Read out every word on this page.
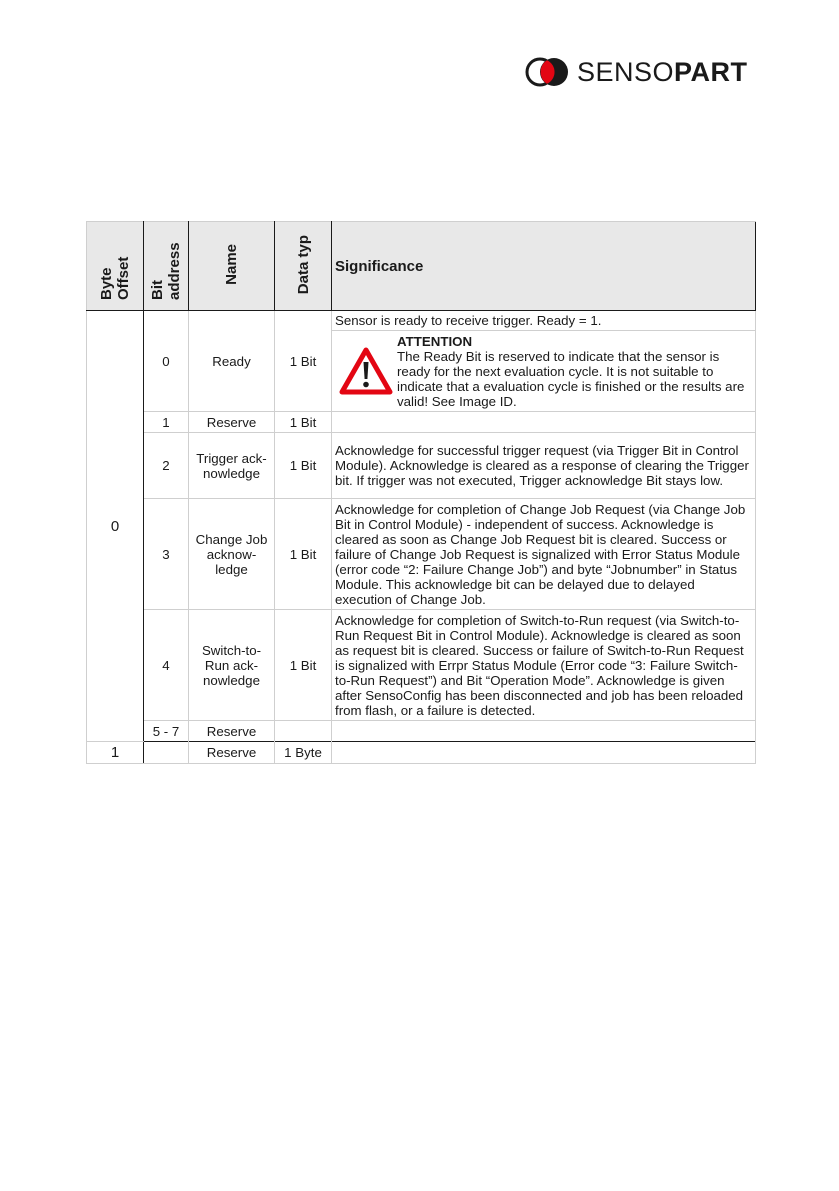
SENSOPART
Byte Offset	Bit address	Name	Data typ	Significance
0	0	Ready	1 Bit	Sensor is ready to receive trigger. Ready = 1.

				ATTENTION
The Ready Bit is reserved to indicate that the sensor is ready for the next evaluation cycle. It is not suitable to indicate that a evaluation cycle is finished or the results are valid! See Image ID.

	1	Reserve	1 Bit	
	2	Trigger ack-nowledge	1 Bit	Acknowledge for successful trigger request (via Trigger Bit in Control Module). Acknowledge is cleared as a response of clearing the Trigger bit. If trigger was not executed, Trigger acknowledge Bit stays low.
	3	Change Job acknow-ledge	1 Bit	Acknowledge for completion of Change Job Request (via Change Job Bit in Control Module) - independent of success. Acknowledge is cleared as soon as Change Job Request bit is cleared. Success or failure of Change Job Request is signalized with Error Status Module (error code “2: Failure Change Job”) and byte “Jobnumber” in Status Module. This acknowledge bit can be delayed due to delayed execution of Change Job.
	4	Switch-to-Run ack-nowledge	1 Bit	Acknowledge for completion of Switch-to-Run request (via Switch-to-Run Request Bit in Control Module). Acknowledge is cleared as soon as request bit is cleared. Success or failure of Switch-to-Run Request is signalized with Errpr Status Module (Error code “3: Failure Switch-to-Run Request”) and Bit “Operation Mode”. Acknowledge is given after SensoConfig has been disconnected and job has been reloaded from flash, or a failure is detected.
	5 - 7	Reserve		

1		Reserve	1 Byte	
